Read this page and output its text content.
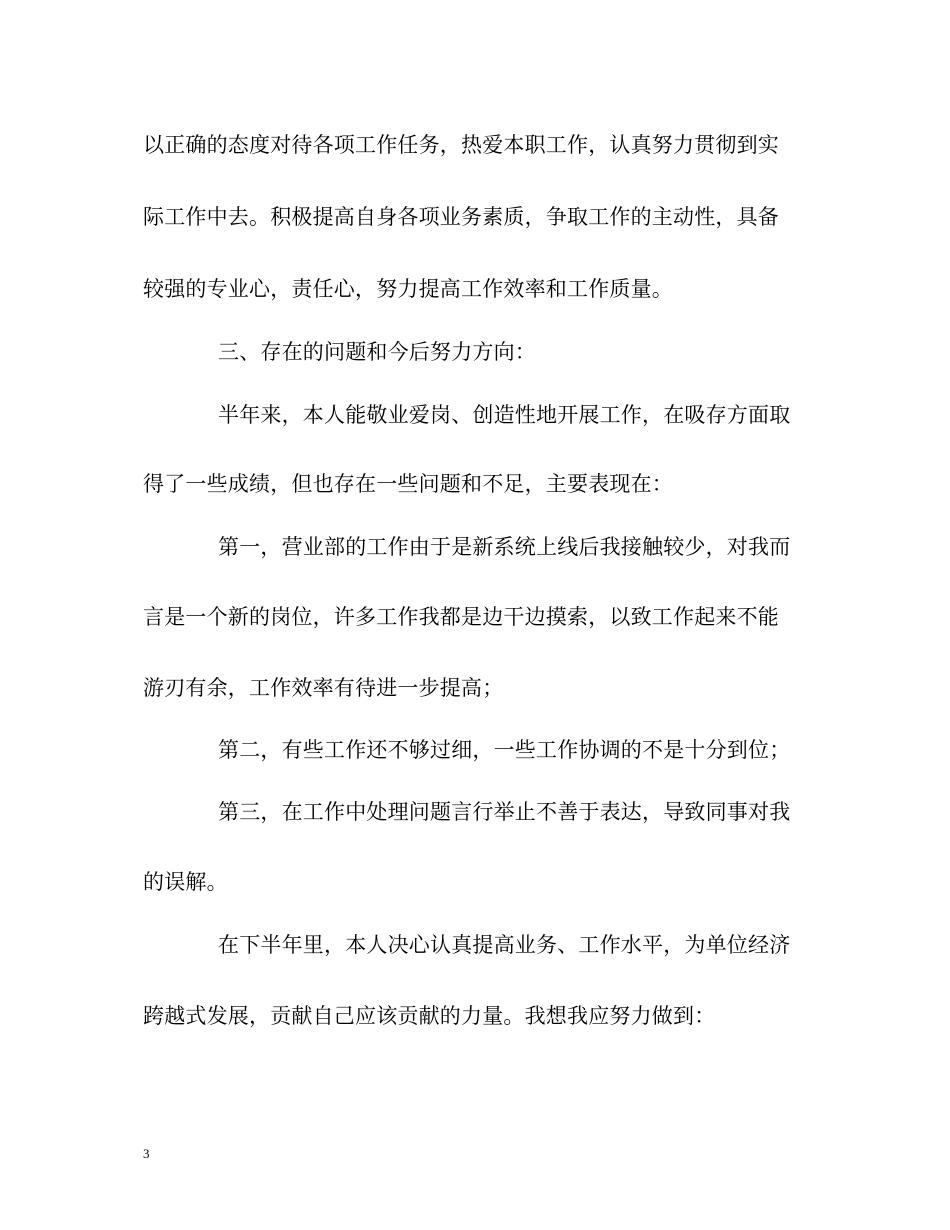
以正确的态度对待各项工作任务，热爱本职工作，认真努力贯彻到实
际工作中去。积极提高自身各项业务素质，争取工作的主动性，具备
较强的专业心，责任心，努力提高工作效率和工作质量。
三、存在的问题和今后努力方向：
半年来，本人能敬业爱岗、创造性地开展工作，在吸存方面取
得了一些成绩，但也存在一些问题和不足，主要表现在：
第一，营业部的工作由于是新系统上线后我接触较少，对我而
言是一个新的岗位，许多工作我都是边干边摸索，以致工作起来不能
游刃有余，工作效率有待进一步提高；
第二，有些工作还不够过细，一些工作协调的不是十分到位；
第三，在工作中处理问题言行举止不善于表达，导致同事对我
的误解。
在下半年里，本人决心认真提高业务、工作水平，为单位经济
跨越式发展，贡献自己应该贡献的力量。我想我应努力做到：
3
